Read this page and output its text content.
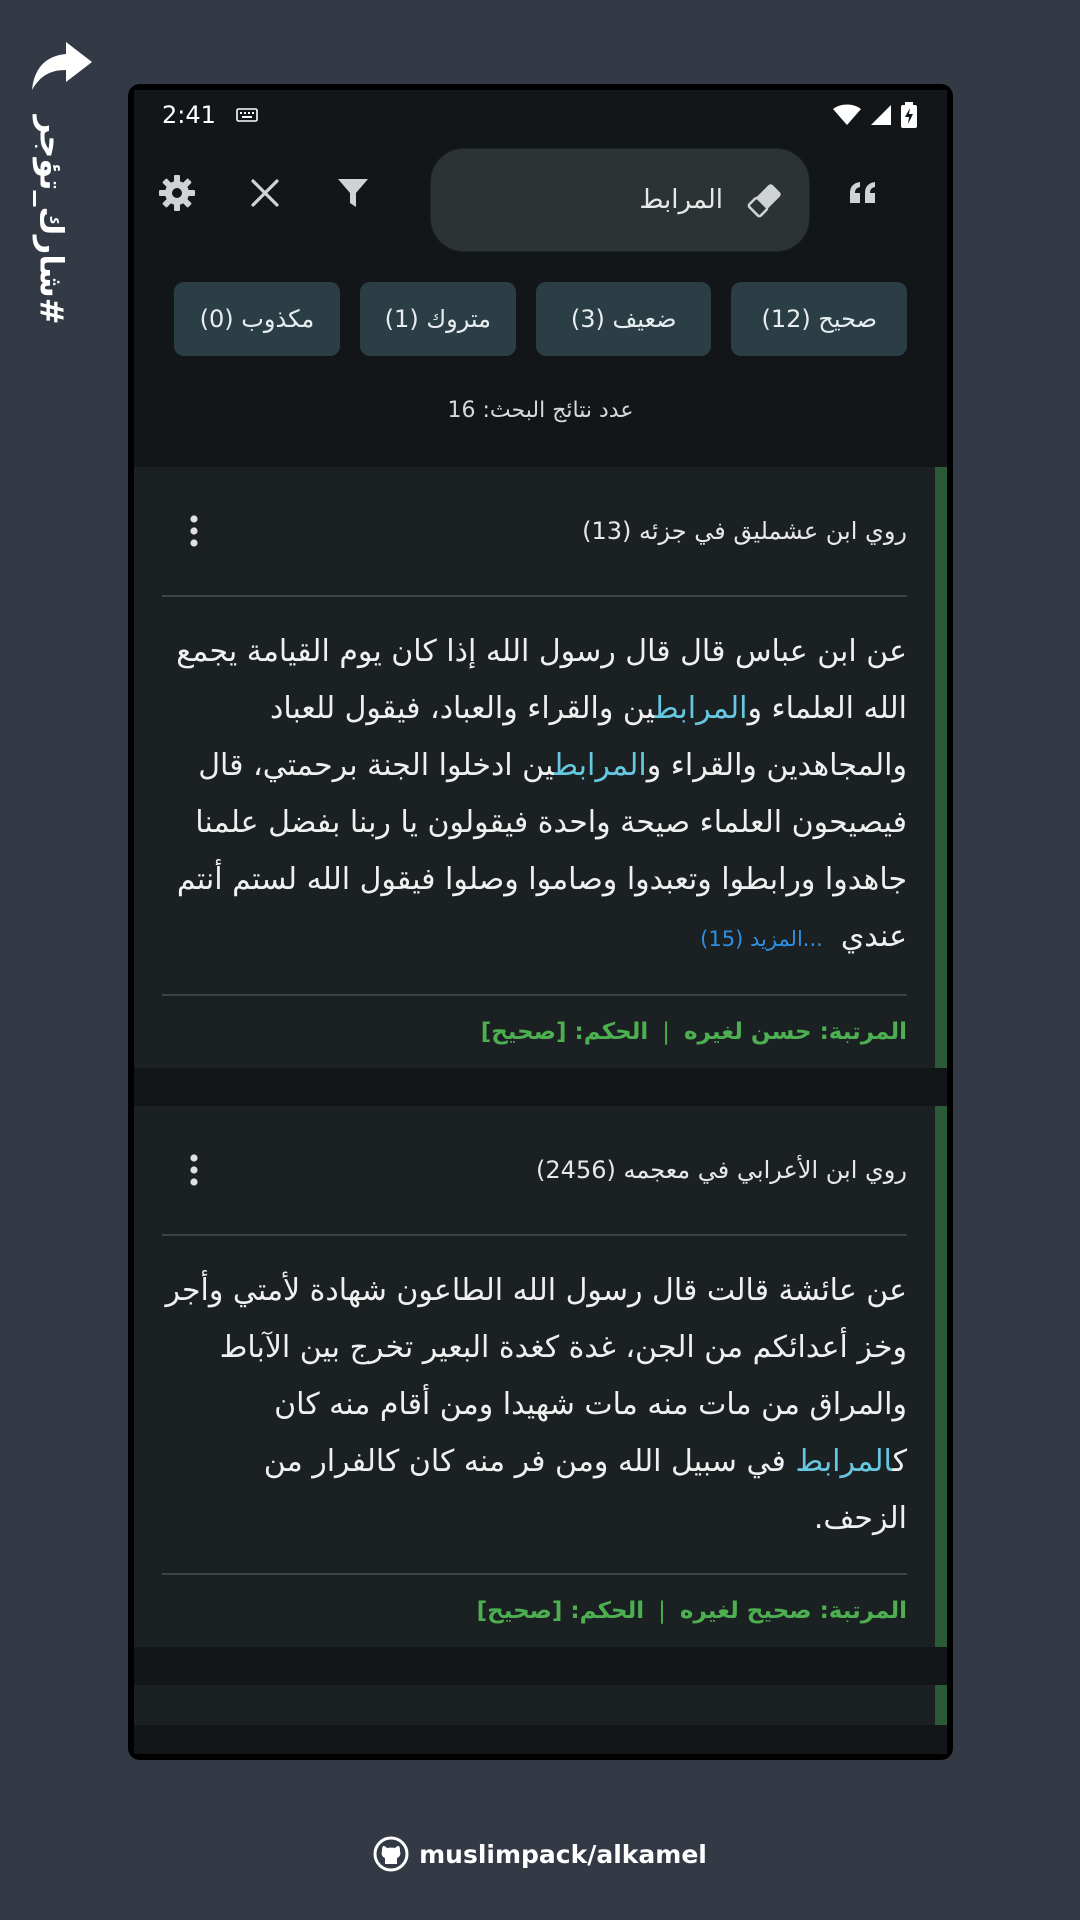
#شارك_تؤجر
2:41
المرابط
صحيح (12)
ضعيف (3)
متروك (1)
مكذوب (0)
عدد نتائج البحث: 16
روي ابن عشمليق في جزئه (13)
عن ابن عباس قال قال رسول الله إذا كان يوم القيامة يجمع الله العلماء والمرابطين والقراء والعباد، فيقول للعباد والمجاهدين والقراء والمرابطين ادخلوا الجنة برحمتي، قال فيصيحون العلماء صيحة واحدة فيقولون يا ربنا بفضل علمنا جاهدوا ورابطوا وتعبدوا وصاموا وصلوا فيقول الله لستم أنتم عندي...المزيد (15)
المرتبة:

حسن لغيره
|
الحكم:

[صحيح]
روي ابن الأعرابي في معجمه (2456)
عن عائشة قالت قال رسول الله الطاعون شهادة لأمتي وأجر وخز أعدائكم من الجن، غدة كغدة البعير تخرج بين الآباط والمراق من مات منه مات شهيدا ومن أقام منه كان كالمرابط في سبيل الله ومن فر منه كان كالفرار من الزحف.
المرتبة:

صحيح لغيره
|
الحكم:

[صحيح]
muslimpack/alkamel
